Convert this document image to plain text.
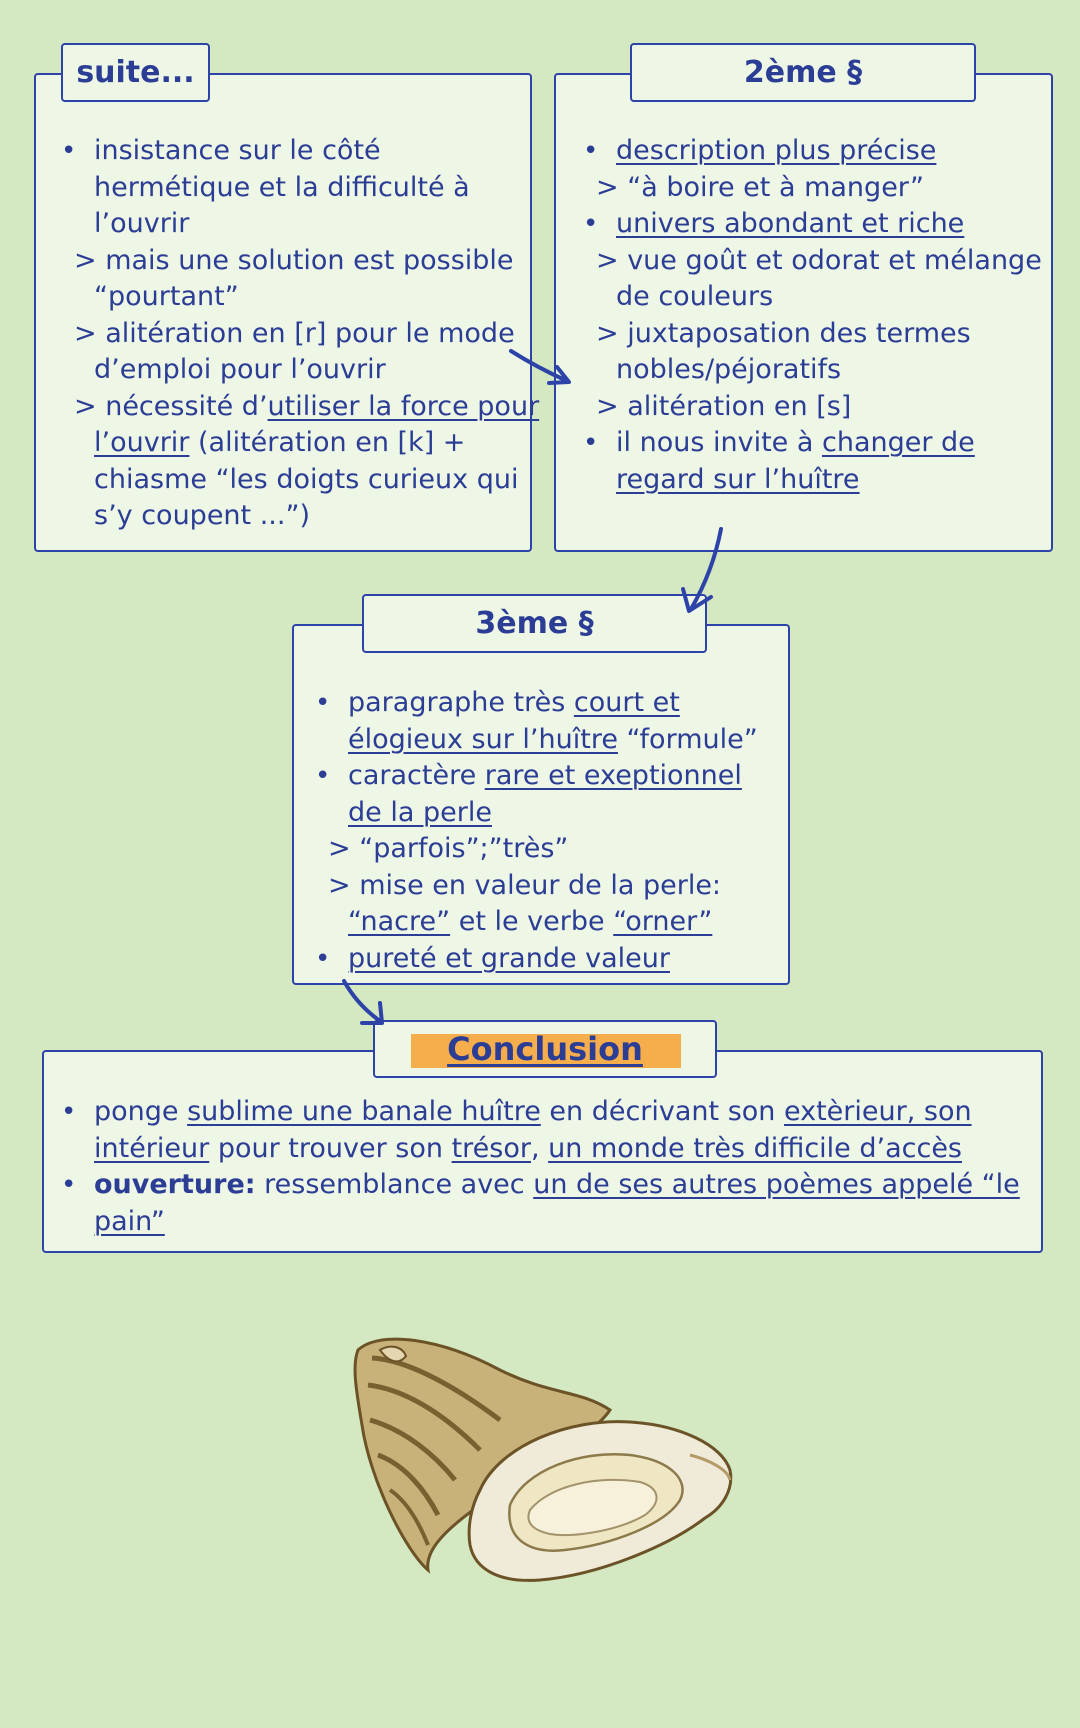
suite...
• insistance sur le côté
hermétique et la difficulté à
l’ouvrir
> mais une solution est possible
“pourtant”
> alitération en [r] pour le mode
d’emploi pour l’ouvrir
> nécessité d’utiliser la force pour
l’ouvrir (alitération en [k] +
chiasme “les doigts curieux qui
s’y coupent ...”)
2ème §
• description plus précise
> “à boire et à manger”
• univers abondant et riche
> vue goût et odorat et mélange
de couleurs
> juxtaposation des termes
nobles/péjoratifs
> alitération en [s]
• il nous invite à changer de
regard sur l’huître
3ème §
• paragraphe très court et
élogieux sur l’huître “formule”
• caractère rare et exeptionnel
de la perle
> “parfois”;”très”
> mise en valeur de la perle:
“nacre” et le verbe “orner”
• pureté et grande valeur
Conclusion
• ponge sublime une banale huître en décrivant son extèrieur, son
intérieur pour trouver son trésor, un monde très difficile d’accès
• ouverture: ressemblance avec un de ses autres poèmes appelé “le
pain”
